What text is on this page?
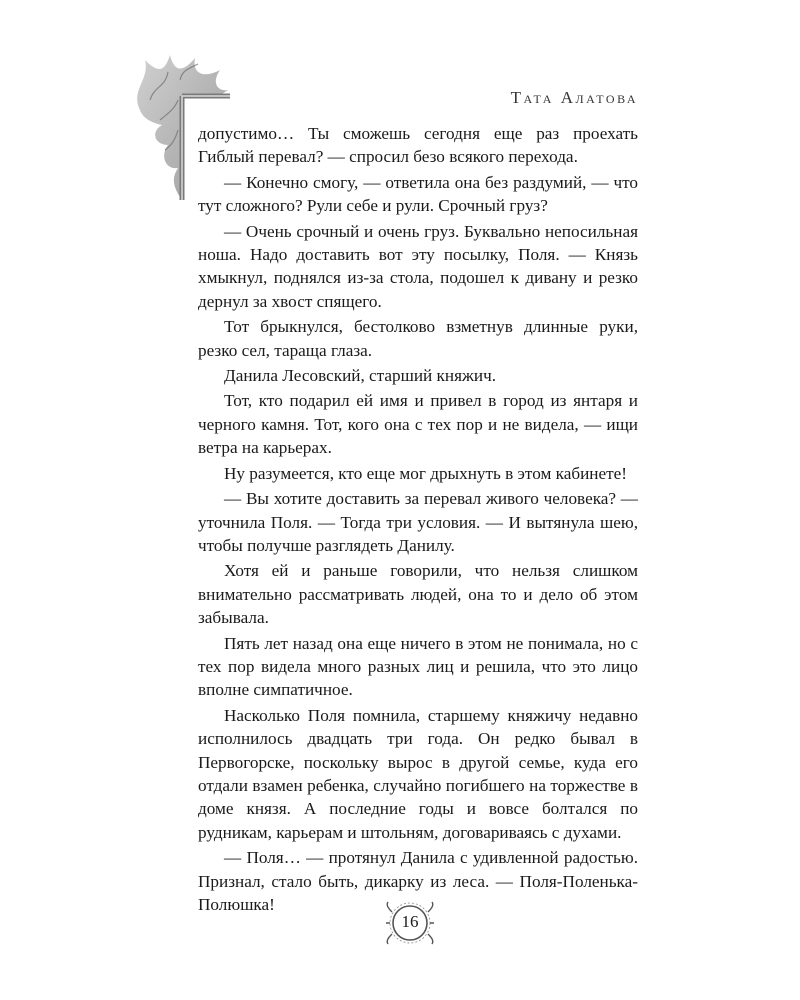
Тата Алатова

допустимо… Ты сможешь сегодня еще раз проехать Гиблый перевал? — спросил безо всякого перехода.

— Конечно смогу, — ответила она без раздумий, — что тут сложного? Рули себе и рули. Срочный груз?

— Очень срочный и очень груз. Буквально непосильная ноша. Надо доставить вот эту посылку, Поля. — Князь хмыкнул, поднялся из-за стола, подошел к дивану и резко дернул за хвост спящего.

Тот брыкнулся, бестолково взметнув длинные руки, резко сел, тараща глаза.

Данила Лесовский, старший княжич.

Тот, кто подарил ей имя и привел в город из янтаря и черного камня. Тот, кого она с тех пор и не видела, — ищи ветра на карьерах.

Ну разумеется, кто еще мог дрыхнуть в этом кабинете!

— Вы хотите доставить за перевал живого человека? — уточнила Поля. — Тогда три условия. — И вытянула шею, чтобы получше разглядеть Данилу.

Хотя ей и раньше говорили, что нельзя слишком внимательно рассматривать людей, она то и дело об этом забывала.

Пять лет назад она еще ничего в этом не понимала, но с тех пор видела много разных лиц и решила, что это лицо вполне симпатичное.

Насколько Поля помнила, старшему княжичу недавно исполнилось двадцать три года. Он редко бывал в Первогорске, поскольку вырос в другой семье, куда его отдали взамен ребенка, случайно погибшего на торжестве в доме князя. А последние годы и вовсе болтался по рудникам, карьерам и штольням, договариваясь с духами.

— Поля… — протянул Данила с удивленной радостью. Признал, стало быть, дикарку из леса. — Поля-Поленька-Полюшка!

16
